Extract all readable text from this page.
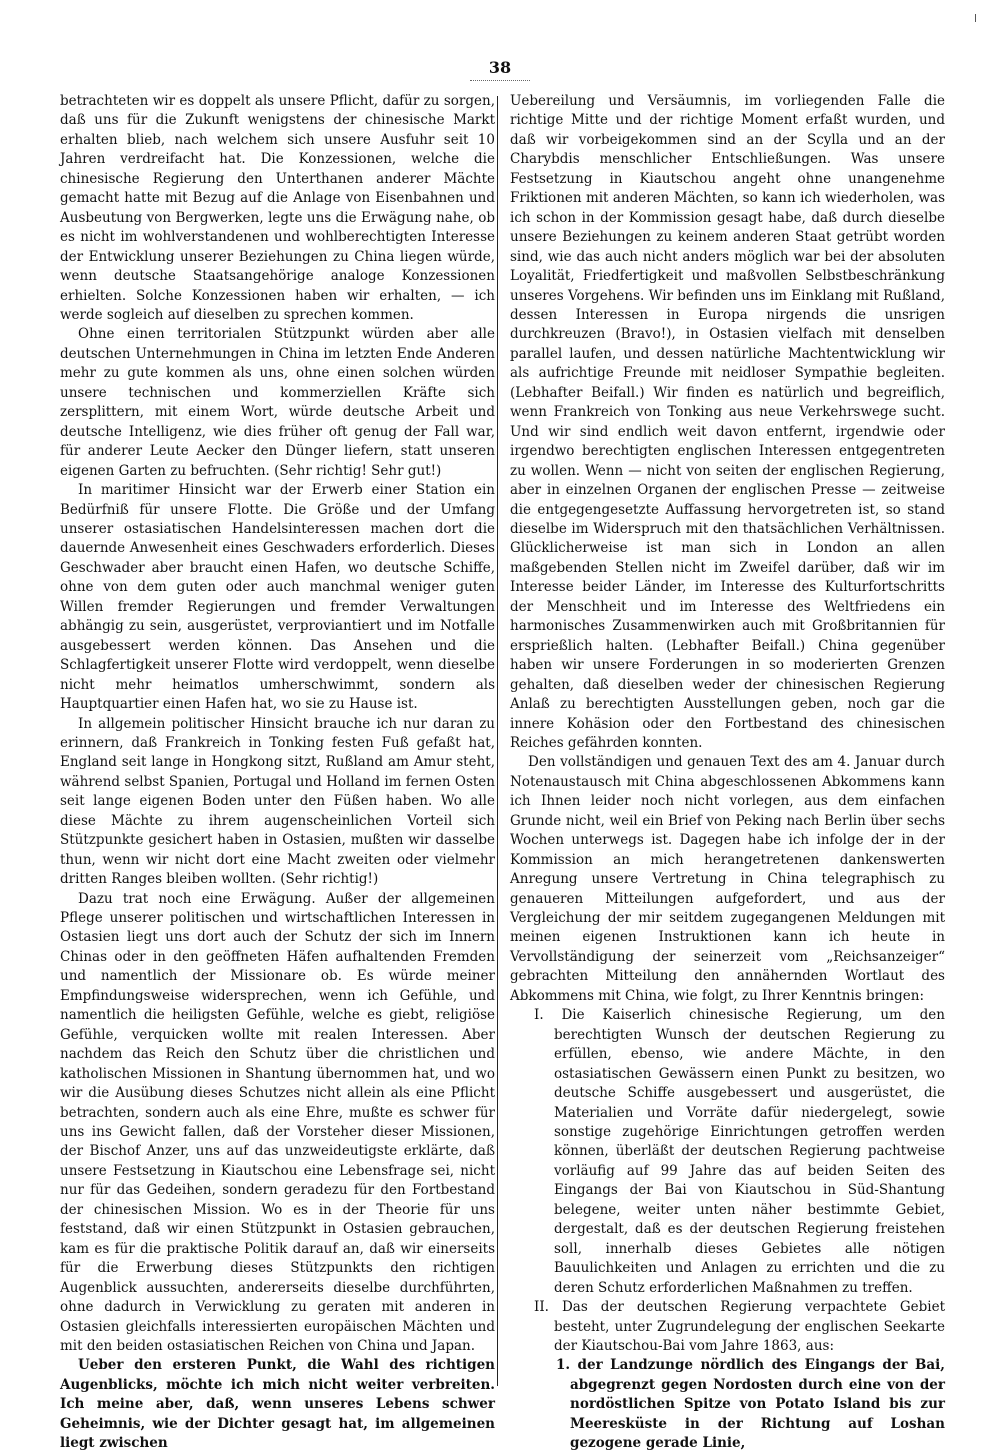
38

betrachteten wir es doppelt als unsere Pflicht, dafür zu sorgen, daß uns für die Zukunft wenigstens der chinesische Markt erhalten blieb, nach welchem sich unsere Ausfuhr seit 10 Jahren verdreifacht hat. Die Konzessionen, welche die chinesische Regierung den Unterthanen anderer Mächte gemacht hatte mit Bezug auf die Anlage von Eisenbahnen und Ausbeutung von Bergwerken, legte uns die Erwägung nahe, ob es nicht im wohlverstandenen und wohlberechtigten Interesse der Entwicklung unserer Beziehungen zu China liegen würde, wenn deutsche Staatsangehörige analoge Konzessionen erhielten. Solche Konzessionen haben wir erhalten, — ich werde sogleich auf dieselben zu sprechen kommen.

Ohne einen territorialen Stützpunkt würden aber alle deutschen Unternehmungen in China im letzten Ende Anderen mehr zu gute kommen als uns, ohne einen solchen würden unsere technischen und kommerziellen Kräfte sich zersplittern, mit einem Wort, würde deutsche Arbeit und deutsche Intelligenz, wie dies früher oft genug der Fall war, für anderer Leute Aecker den Dünger liefern, statt unseren eigenen Garten zu befruchten. (Sehr richtig! Sehr gut!)

In maritimer Hinsicht war der Erwerb einer Station ein Bedürfniß für unsere Flotte. Die Größe und der Umfang unserer ostasiatischen Handelsinteressen machen dort die dauernde Anwesenheit eines Geschwaders erforderlich. Dieses Geschwader aber braucht einen Hafen, wo deutsche Schiffe, ohne von dem guten oder auch manchmal weniger guten Willen fremder Regierungen und fremder Verwaltungen abhängig zu sein, ausgerüstet, verproviantiert und im Notfalle ausgebessert werden können. Das Ansehen und die Schlagfertigkeit unserer Flotte wird verdoppelt, wenn dieselbe nicht mehr heimatlos umherschwimmt, sondern als Hauptquartier einen Hafen hat, wo sie zu Hause ist.

In allgemein politischer Hinsicht brauche ich nur daran zu erinnern, daß Frankreich in Tonking festen Fuß gefaßt hat, England seit lange in Hongkong sitzt, Rußland am Amur steht, während selbst Spanien, Portugal und Holland im fernen Osten seit lange eigenen Boden unter den Füßen haben. Wo alle diese Mächte zu ihrem augenscheinlichen Vorteil sich Stützpunkte gesichert haben in Ostasien, mußten wir dasselbe thun, wenn wir nicht dort eine Macht zweiten oder vielmehr dritten Ranges bleiben wollten. (Sehr richtig!)

Dazu trat noch eine Erwägung. Außer der allgemeinen Pflege unserer politischen und wirtschaftlichen Interessen in Ostasien liegt uns dort auch der Schutz der sich im Innern Chinas oder in den geöffneten Häfen aufhaltenden Fremden und namentlich der Missionare ob. Es würde meiner Empfindungsweise widersprechen, wenn ich Gefühle, und namentlich die heiligsten Gefühle, welche es giebt, religiöse Gefühle, verquicken wollte mit realen Interessen. Aber nachdem das Reich den Schutz über die christlichen und katholischen Missionen in Shantung übernommen hat, und wo wir die Ausübung dieses Schutzes nicht allein als eine Pflicht betrachten, sondern auch als eine Ehre, mußte es schwer für uns ins Gewicht fallen, daß der Vorsteher dieser Missionen, der Bischof Anzer, uns auf das unzweideutigste erklärte, daß unsere Festsetzung in Kiautschou eine Lebensfrage sei, nicht nur für das Gedeihen, sondern geradezu für den Fortbestand der chinesischen Mission. Wo es in der Theorie für uns feststand, daß wir einen Stützpunkt in Ostasien gebrauchen, kam es für die praktische Politik darauf an, daß wir einerseits für die Erwerbung dieses Stützpunkts den richtigen Augenblick aussuchten, andererseits dieselbe durchführten, ohne dadurch in Verwicklung zu geraten mit anderen in Ostasien gleichfalls interessierten europäischen Mächten und mit den beiden ostasiatischen Reichen von China und Japan.

Ueber den ersteren Punkt, die Wahl des richtigen Augenblicks, möchte ich mich nicht weiter verbreiten. Ich meine aber, daß, wenn unseres Lebens schwer Geheimnis, wie der Dichter gesagt hat, im allgemeinen liegt zwischen

Uebereilung und Versäumnis, im vorliegenden Falle die richtige Mitte und der richtige Moment erfaßt wurden, und daß wir vorbeigekommen sind an der Scylla und an der Charybdis menschlicher Entschließungen. Was unsere Festsetzung in Kiautschou angeht ohne unangenehme Friktionen mit anderen Mächten, so kann ich wiederholen, was ich schon in der Kommission gesagt habe, daß durch dieselbe unsere Beziehungen zu keinem anderen Staat getrübt worden sind, wie das auch nicht anders möglich war bei der absoluten Loyalität, Friedfertigkeit und maßvollen Selbstbeschränkung unseres Vorgehens. Wir befinden uns im Einklang mit Rußland, dessen Interessen in Europa nirgends die unsrigen durchkreuzen (Bravo!), in Ostasien vielfach mit denselben parallel laufen, und dessen natürliche Machtentwicklung wir als aufrichtige Freunde mit neidloser Sympathie begleiten. (Lebhafter Beifall.) Wir finden es natürlich und begreiflich, wenn Frankreich von Tonking aus neue Verkehrswege sucht. Und wir sind endlich weit davon entfernt, irgendwie oder irgendwo berechtigten englischen Interessen entgegentreten zu wollen. Wenn — nicht von seiten der englischen Regierung, aber in einzelnen Organen der englischen Presse — zeitweise die entgegengesetzte Auffassung hervorgetreten ist, so stand dieselbe im Widerspruch mit den thatsächlichen Verhältnissen. Glücklicherweise ist man sich in London an allen maßgebenden Stellen nicht im Zweifel darüber, daß wir im Interesse beider Länder, im Interesse des Kulturfortschritts der Menschheit und im Interesse des Weltfriedens ein harmonisches Zusammenwirken auch mit Großbritannien für ersprießlich halten. (Lebhafter Beifall.) China gegenüber haben wir unsere Forderungen in so moderierten Grenzen gehalten, daß dieselben weder der chinesischen Regierung Anlaß zu berechtigten Ausstellungen geben, noch gar die innere Kohäsion oder den Fortbestand des chinesischen Reiches gefährden konnten.

Den vollständigen und genauen Text des am 4. Januar durch Notenaustausch mit China abgeschlossenen Abkommens kann ich Ihnen leider noch nicht vorlegen, aus dem einfachen Grunde nicht, weil ein Brief von Peking nach Berlin über sechs Wochen unterwegs ist. Dagegen habe ich infolge der in der Kommission an mich herangetretenen dankenswerten Anregung unsere Vertretung in China telegraphisch zu genaueren Mitteilungen aufgefordert, und aus der Vergleichung der mir seitdem zugegangenen Meldungen mit meinen eigenen Instruktionen kann ich heute in Vervollständigung der seinerzeit vom „Reichsanzeiger“ gebrachten Mitteilung den annähernden Wortlaut des Abkommens mit China, wie folgt, zu Ihrer Kenntnis bringen:

I. Die Kaiserlich chinesische Regierung, um den berechtigten Wunsch der deutschen Regierung zu erfüllen, ebenso, wie andere Mächte, in den ostasiatischen Gewässern einen Punkt zu besitzen, wo deutsche Schiffe ausgebessert und ausgerüstet, die Materialien und Vorräte dafür niedergelegt, sowie sonstige zugehörige Einrichtungen getroffen werden können, überläßt der deutschen Regierung pachtweise vorläufig auf 99 Jahre das auf beiden Seiten des Eingangs der Bai von Kiautschou in Süd-Shantung belegene, weiter unten näher bestimmte Gebiet, dergestalt, daß es der deutschen Regierung freistehen soll, innerhalb dieses Gebietes alle nötigen Bauulichkeiten und Anlagen zu errichten und die zu deren Schutz erforderlichen Maßnahmen zu treffen.

II. Das der deutschen Regierung verpachtete Gebiet besteht, unter Zugrundelegung der englischen Seekarte der Kiautschou-Bai vom Jahre 1863, aus:

1. der Landzunge nördlich des Eingangs der Bai, abgegrenzt gegen Nordosten durch eine von der nordöstlichen Spitze von Potato Island bis zur Meeresküste in der Richtung auf Loshan gezogene gerade Linie,
